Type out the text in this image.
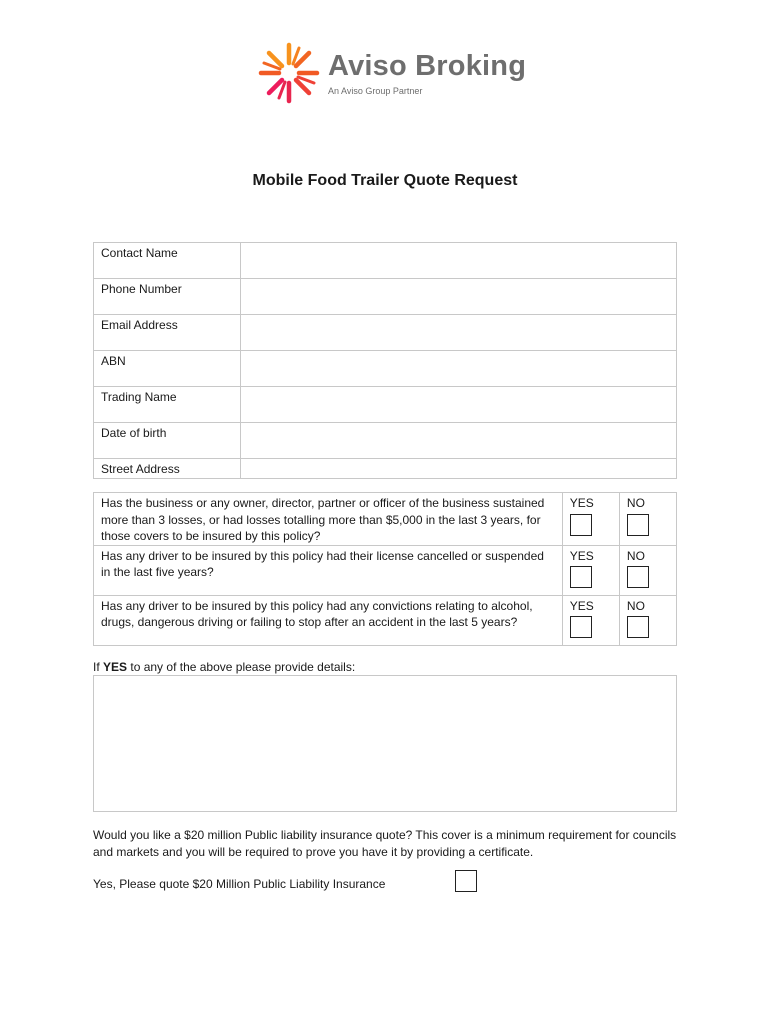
Aviso Broking
An Aviso Group Partner
Mobile Food Trailer Quote Request
Contact Name	
Phone Number	
Email Address	
ABN	
Trading Name	
Date of birth	
Street Address	
Has the business or any owner, director, partner or officer of the business sustained more than 3 losses, or had losses totalling more than $5,000 in the last 3 years, for those covers to be insured by this policy?	YES	NO

Has any driver to be insured by this policy had their license cancelled or suspended in the last five years?	YES	NO

Has any driver to be insured by this policy had any convictions relating to alcohol, drugs, dangerous driving or failing to stop after an accident in the last 5 years?	YES	NO
If YES to any of the above please provide details:
Would you like a $20 million Public liability insurance quote? This cover is a minimum requirement for councils and markets and you will be required to prove you have it by providing a certificate.
Yes, Please quote $20 Million Public Liability Insurance
